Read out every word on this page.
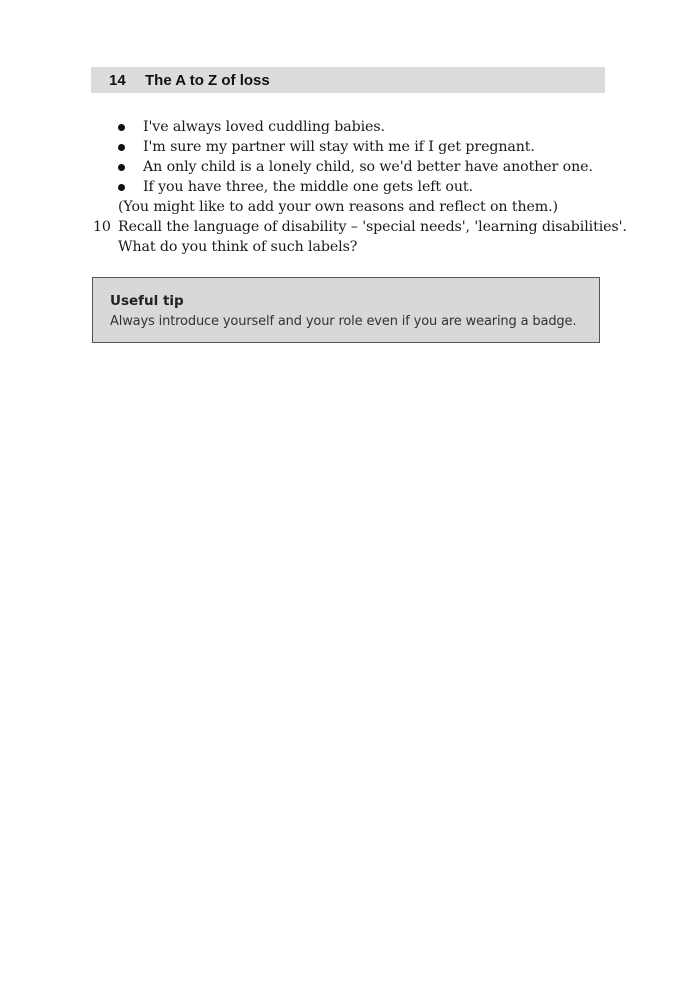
14	The A to Z of loss
I've always loved cuddling babies.
I'm sure my partner will stay with me if I get pregnant.
An only child is a lonely child, so we'd better have another one.
If you have three, the middle one gets left out.
(You might like to add your own reasons and reflect on them.)
10 Recall the language of disability – 'special needs', 'learning disabilities'.
What do you think of such labels?
Useful tip
Always introduce yourself and your role even if you are wearing a badge.
